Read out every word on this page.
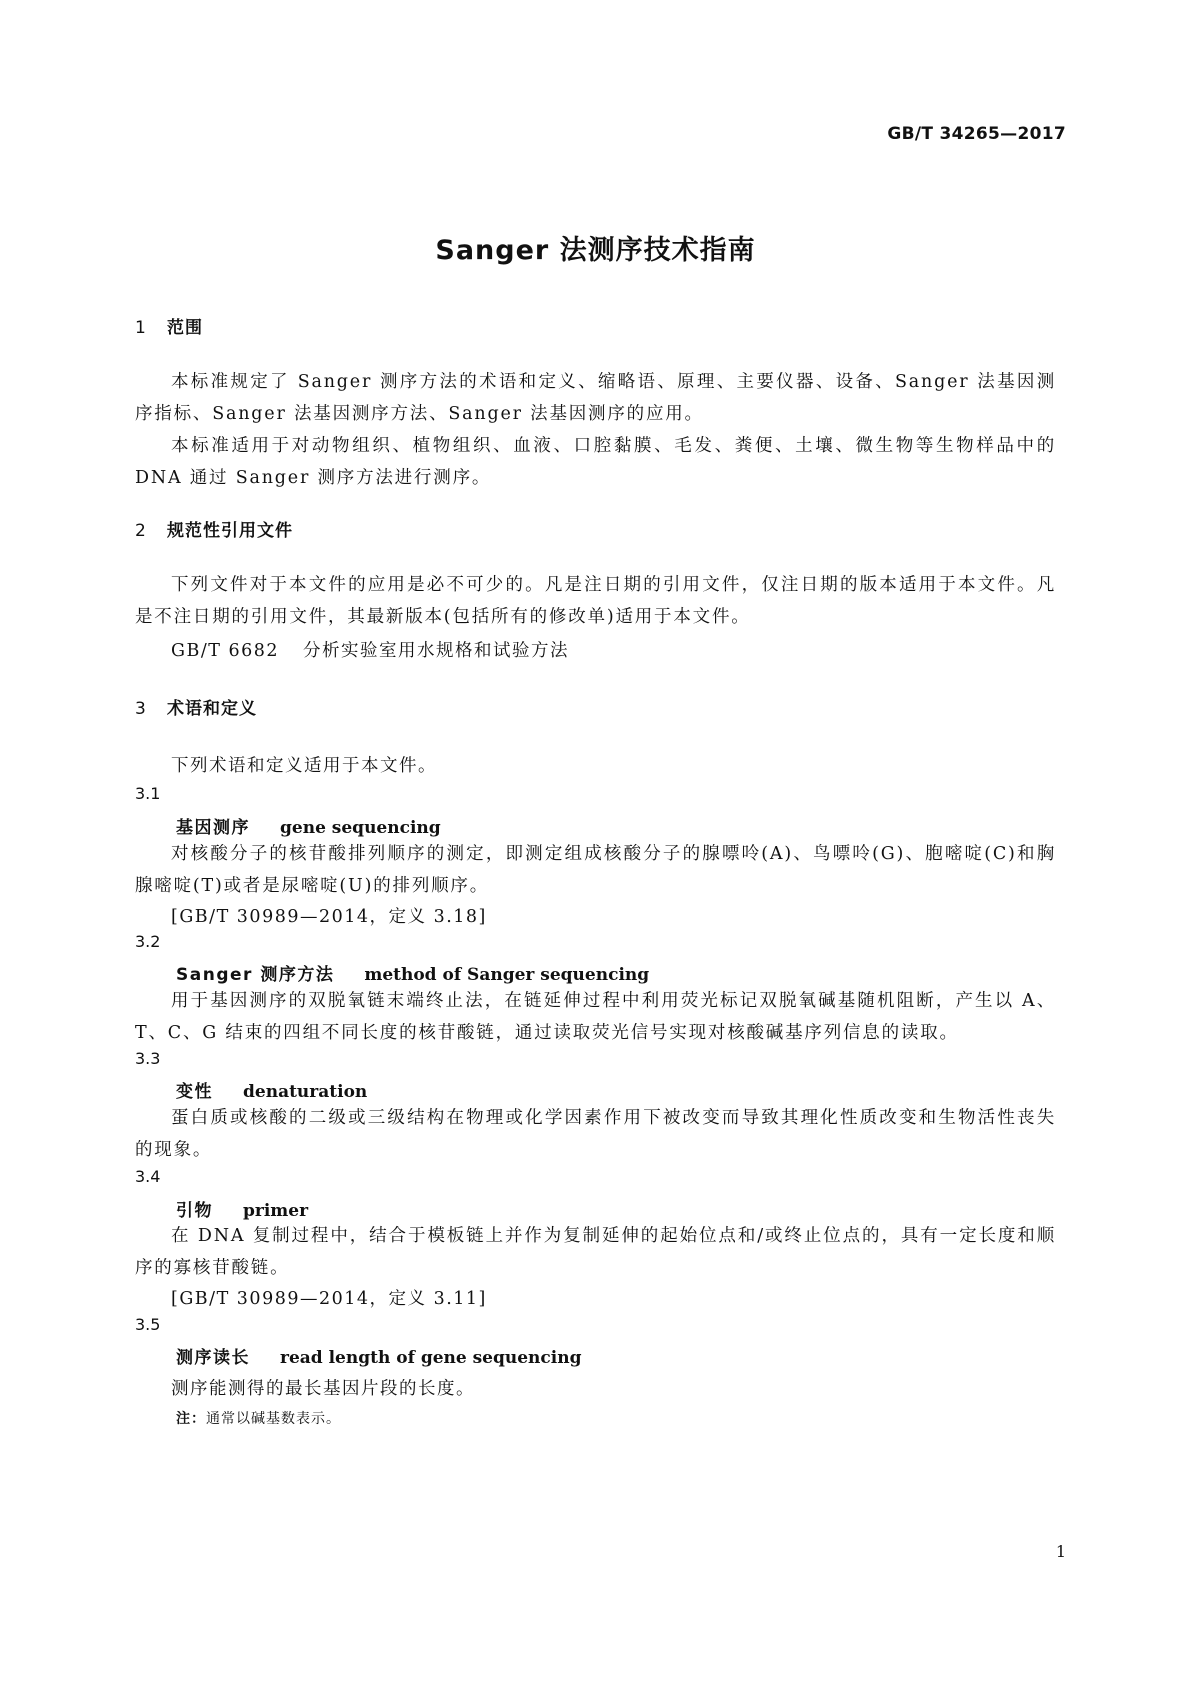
GB/T 34265—2017
Sanger 法测序技术指南
1 范围
本标准规定了 Sanger 测序方法的术语和定义、缩略语、原理、主要仪器、设备、Sanger 法基因测序指标、Sanger 法基因测序方法、Sanger 法基因测序的应用。
本标准适用于对动物组织、植物组织、血液、口腔黏膜、毛发、粪便、土壤、微生物等生物样品中的 DNA 通过 Sanger 测序方法进行测序。
2 规范性引用文件
下列文件对于本文件的应用是必不可少的。凡是注日期的引用文件，仅注日期的版本适用于本文件。凡是不注日期的引用文件，其最新版本(包括所有的修改单)适用于本文件。
GB/T 6682 分析实验室用水规格和试验方法
3 术语和定义
下列术语和定义适用于本文件。
3.1
基因测序 gene sequencing
对核酸分子的核苷酸排列顺序的测定，即测定组成核酸分子的腺嘌呤(A)、鸟嘌呤(G)、胞嘧啶(C)和胸腺嘧啶(T)或者是尿嘧啶(U)的排列顺序。
[GB/T 30989—2014，定义 3.18]
3.2
Sanger 测序方法 method of Sanger sequencing
用于基因测序的双脱氧链末端终止法，在链延伸过程中利用荧光标记双脱氧碱基随机阻断，产生以 A、T、C、G 结束的四组不同长度的核苷酸链，通过读取荧光信号实现对核酸碱基序列信息的读取。
3.3
变性 denaturation
蛋白质或核酸的二级或三级结构在物理或化学因素作用下被改变而导致其理化性质改变和生物活性丧失的现象。
3.4
引物 primer
在 DNA 复制过程中，结合于模板链上并作为复制延伸的起始位点和/或终止位点的，具有一定长度和顺序的寡核苷酸链。
[GB/T 30989—2014，定义 3.11]
3.5
测序读长 read length of gene sequencing
测序能测得的最长基因片段的长度。
注：通常以碱基数表示。
1
